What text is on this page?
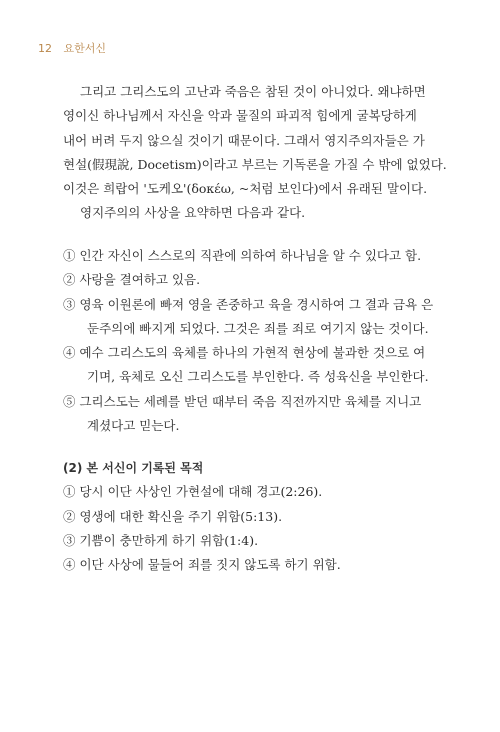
12 요한서신
그리고 그리스도의 고난과 죽음은 참된 것이 아니었다. 왜냐하면
영이신 하나님께서 자신을 악과 물질의 파괴적 힘에게 굴복당하게
내어 버려 두지 않으실 것이기 때문이다. 그래서 영지주의자들은 가
현설(假現說, Docetism)이라고 부르는 기독론을 가질 수 밖에 없었다.
이것은 희랍어 '도케오'(δοκέω, ~처럼 보인다)에서 유래된 말이다.
영지주의의 사상을 요약하면 다음과 같다.
① 인간 자신이 스스로의 직관에 의하여 하나님을 알 수 있다고 함.
② 사랑을 결여하고 있음.
③ 영육 이원론에 빠져 영을 존중하고 육을 경시하여 그 결과 금욕 은
둔주의에 빠지게 되었다. 그것은 죄를 죄로 여기지 않는 것이다.
④ 예수 그리스도의 육체를 하나의 가현적 현상에 불과한 것으로 여
기며, 육체로 오신 그리스도를 부인한다. 즉 성육신을 부인한다.
⑤ 그리스도는 세례를 받던 때부터 죽음 직전까지만 육체를 지니고
계셨다고 믿는다.
(2) 본 서신이 기록된 목적
① 당시 이단 사상인 가현설에 대해 경고(2:26).
② 영생에 대한 확신을 주기 위함(5:13).
③ 기쁨이 충만하게 하기 위함(1:4).
④ 이단 사상에 물들어 죄를 짓지 않도록 하기 위함.
